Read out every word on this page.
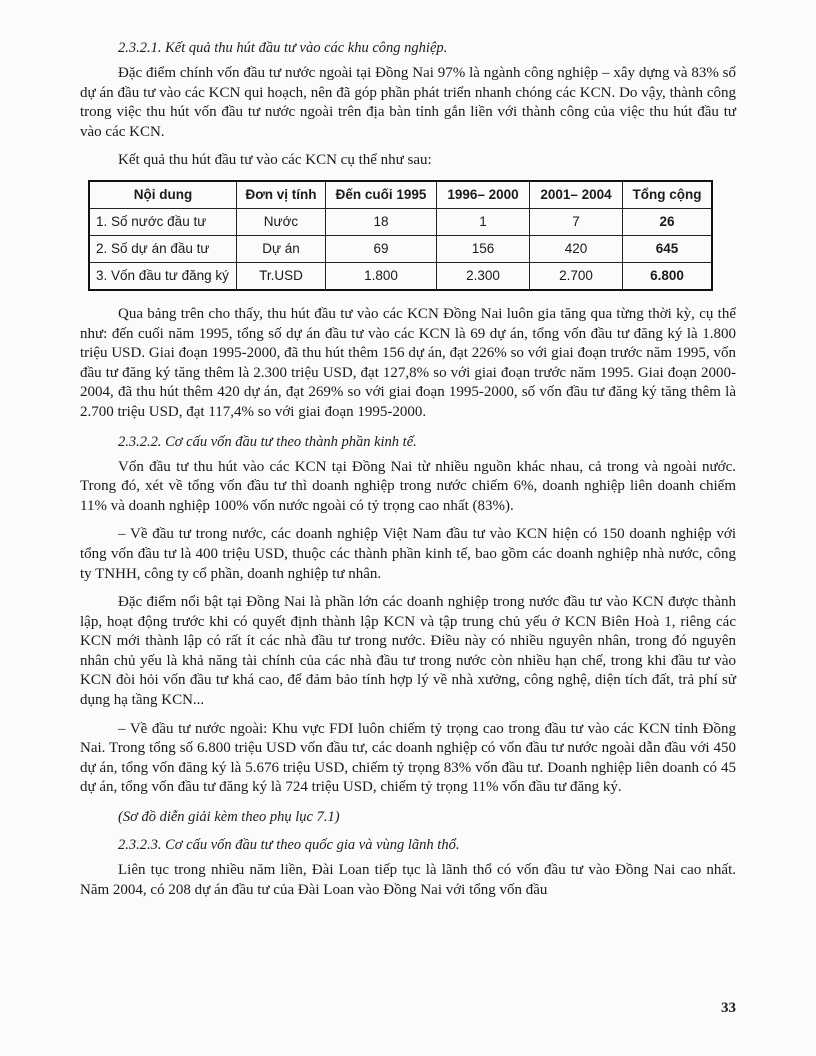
2.3.2.1. Kết quả thu hút đầu tư vào các khu công nghiệp.

Đặc điểm chính vốn đầu tư nước ngoài tại Đồng Nai 97% là ngành công nghiệp – xây dựng và 83% số dự án đầu tư vào các KCN qui hoạch, nên đã góp phần phát triển nhanh chóng các KCN. Do vậy, thành công trong việc thu hút vốn đầu tư nước ngoài trên địa bàn tỉnh gắn liền với thành công của việc thu hút đầu tư vào các KCN.

Kết quả thu hút đầu tư vào các KCN cụ thể như sau:

Nội dung	Đơn vị tính	Đến cuối 1995	1996– 2000	2001– 2004	Tổng cộng
1. Số nước đầu tư	Nước	18	1	7	26
2. Số dự án đầu tư	Dự án	69	156	420	645
3. Vốn đầu tư đăng ký	Tr.USD	1.800	2.300	2.700	6.800

Qua bảng trên cho thấy, thu hút đầu tư vào các KCN Đồng Nai luôn gia tăng qua từng thời kỳ, cụ thể như: đến cuối năm 1995, tổng số dự án đầu tư vào các KCN là 69 dự án, tổng vốn đầu tư đăng ký là 1.800 triệu USD. Giai đoạn 1995-2000, đã thu hút thêm 156 dự án, đạt 226% so với giai đoạn trước năm 1995, vốn đầu tư đăng ký tăng thêm là 2.300 triệu USD, đạt 127,8% so với giai đoạn trước năm 1995. Giai đoạn 2000-2004, đã thu hút thêm 420 dự án, đạt 269% so với giai đoạn 1995-2000, số vốn đầu tư đăng ký tăng thêm là 2.700 triệu USD, đạt 117,4% so với giai đoạn 1995-2000.

2.3.2.2. Cơ cấu vốn đầu tư theo thành phần kinh tế.

Vốn đầu tư thu hút vào các KCN tại Đồng Nai từ nhiều nguồn khác nhau, cả trong và ngoài nước. Trong đó, xét về tổng vốn đầu tư thì doanh nghiệp trong nước chiếm 6%, doanh nghiệp liên doanh chiếm 11% và doanh nghiệp 100% vốn nước ngoài có tỷ trọng cao nhất (83%).

– Về đầu tư trong nước, các doanh nghiệp Việt Nam đầu tư vào KCN hiện có 150 doanh nghiệp với tổng vốn đầu tư là 400 triệu USD, thuộc các thành phần kinh tế, bao gồm các doanh nghiệp nhà nước, công ty TNHH, công ty cổ phần, doanh nghiệp tư nhân.

Đặc điểm nổi bật tại Đồng Nai là phần lớn các doanh nghiệp trong nước đầu tư vào KCN được thành lập, hoạt động trước khi có quyết định thành lập KCN và tập trung chủ yếu ở KCN Biên Hoà 1, riêng các KCN mới thành lập có rất ít các nhà đầu tư trong nước. Điều này có nhiều nguyên nhân, trong đó nguyên nhân chủ yếu là khả năng tài chính của các nhà đầu tư trong nước còn nhiều hạn chế, trong khi đầu tư vào KCN đòi hỏi vốn đầu tư khá cao, để đảm bảo tính hợp lý về nhà xưởng, công nghệ, diện tích đất, trả phí sử dụng hạ tầng KCN...

– Về đầu tư nước ngoài: Khu vực FDI luôn chiếm tỷ trọng cao trong đầu tư vào các KCN tỉnh Đồng Nai. Trong tổng số 6.800 triệu USD vốn đầu tư, các doanh nghiệp có vốn đầu tư nước ngoài dẫn đầu với 450 dự án, tổng vốn đăng ký là 5.676 triệu USD, chiếm tỷ trọng 83% vốn đầu tư. Doanh nghiệp liên doanh có 45 dự án, tổng vốn đầu tư đăng ký là 724 triệu USD, chiếm tỷ trọng 11% vốn đầu tư đăng ký.

(Sơ đồ diễn giải kèm theo phụ lục 7.1)

2.3.2.3. Cơ cấu vốn đầu tư theo quốc gia và vùng lãnh thổ.

Liên tục trong nhiều năm liền, Đài Loan tiếp tục là lãnh thổ có vốn đầu tư vào Đồng Nai cao nhất. Năm 2004, có 208 dự án đầu tư của Đài Loan vào Đồng Nai với tổng vốn đầu

33
